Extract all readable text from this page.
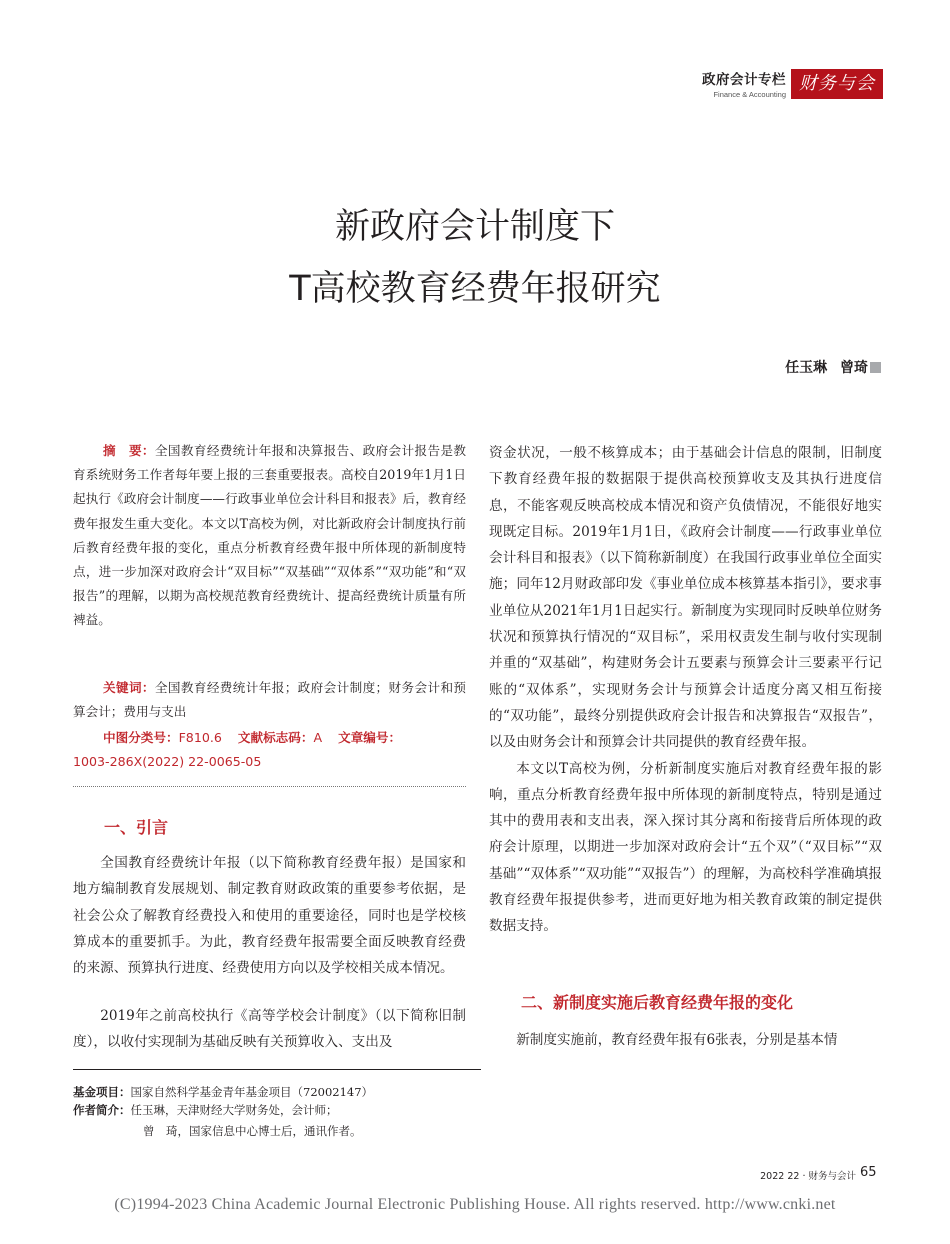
政府会计专栏
Finance & Accounting
财务与会计
新政府会计制度下
T高校教育经费年报研究
任玉琳 曾琦
摘　要：全国教育经费统计年报和决算报告、政府会计报告是教育系统财务工作者每年要上报的三套重要报表。高校自2019年1月1日起执行《政府会计制度——行政事业单位会计科目和报表》后，教育经费年报发生重大变化。本文以T高校为例，对比新政府会计制度执行前后教育经费年报的变化，重点分析教育经费年报中所体现的新制度特点，进一步加深对政府会计“双目标”“双基础”“双体系”“双功能”和“双报告”的理解，以期为高校规范教育经费统计、提高经费统计质量有所裨益。
关键词：全国教育经费统计年报；政府会计制度；财务会计和预算会计；费用与支出
中图分类号：F810.6 文献标志码：A 文章编号：
1003-286X(2022) 22-0065-05
一、引言
全国教育经费统计年报（以下简称教育经费年报）是国家和地方编制教育发展规划、制定教育财政政策的重要参考依据，是社会公众了解教育经费投入和使用的重要途径，同时也是学校核算成本的重要抓手。为此，教育经费年报需要全面反映教育经费的来源、预算执行进度、经费使用方向以及学校相关成本情况。
2019年之前高校执行《高等学校会计制度》（以下简称旧制度），以收付实现制为基础反映有关预算收入、支出及
基金项目：国家自然科学基金青年基金项目（72002147）
作者简介：任玉琳，天津财经大学财务处，会计师；
曾　琦，国家信息中心博士后，通讯作者。
资金状况，一般不核算成本；由于基础会计信息的限制，旧制度下教育经费年报的数据限于提供高校预算收支及其执行进度信息，不能客观反映高校成本情况和资产负债情况，不能很好地实现既定目标。2019年1月1日，《政府会计制度——行政事业单位会计科目和报表》（以下简称新制度）在我国行政事业单位全面实施；同年12月财政部印发《事业单位成本核算基本指引》，要求事业单位从2021年1月1日起实行。新制度为实现同时反映单位财务状况和预算执行情况的“双目标”，采用权责发生制与收付实现制并重的“双基础”，构建财务会计五要素与预算会计三要素平行记账的“双体系”，实现财务会计与预算会计适度分离又相互衔接的“双功能”，最终分别提供政府会计报告和决算报告“双报告”，以及由财务会计和预算会计共同提供的教育经费年报。
本文以T高校为例，分析新制度实施后对教育经费年报的影响，重点分析教育经费年报中所体现的新制度特点，特别是通过其中的费用表和支出表，深入探讨其分离和衔接背后所体现的政府会计原理，以期进一步加深对政府会计“五个双”（“双目标”“双基础”“双体系”“双功能”“双报告”）的理解，为高校科学准确填报教育经费年报提供参考，进而更好地为相关教育政策的制定提供数据支持。
二、新制度实施后教育经费年报的变化
新制度实施前，教育经费年报有6张表，分别是基本情
2022 22 · 财务与会计 65
(C)1994-2023 China Academic Journal Electronic Publishing House. All rights reserved. http://www.cnki.net
